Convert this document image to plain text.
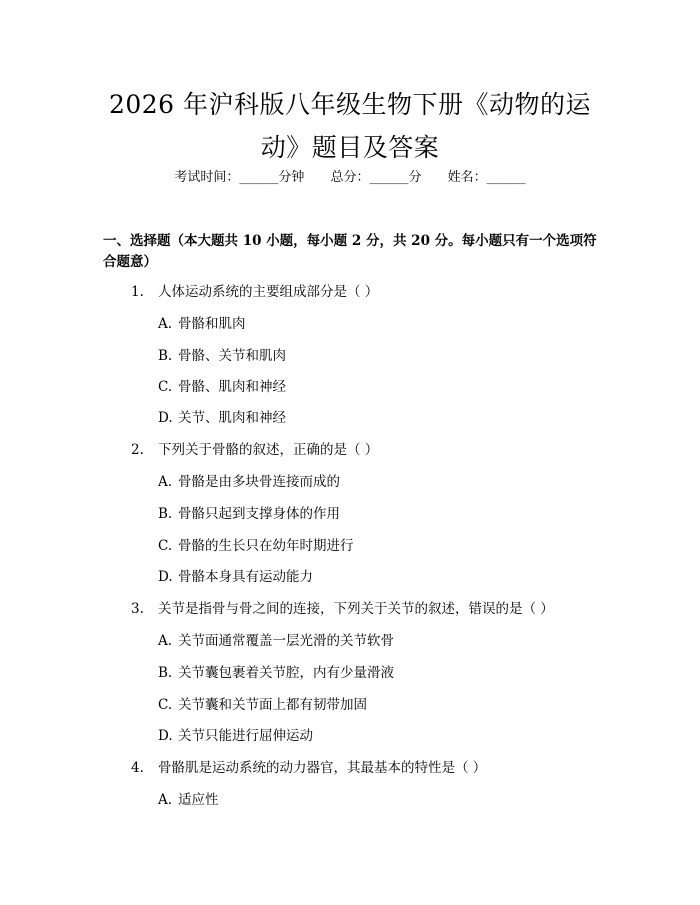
2026 年沪科版八年级生物下册《动物的运
动》题目及答案
考试时间：______分钟 总分：______分 姓名：______
一、选择题（本大题共 10 小题，每小题 2 分，共 20 分。每小题只有一个选项符合题意）
1. 人体运动系统的主要组成部分是（ ）
A. 骨骼和肌肉
B. 骨骼、关节和肌肉
C. 骨骼、肌肉和神经
D. 关节、肌肉和神经
2. 下列关于骨骼的叙述，正确的是（ ）
A. 骨骼是由多块骨连接而成的
B. 骨骼只起到支撑身体的作用
C. 骨骼的生长只在幼年时期进行
D. 骨骼本身具有运动能力
3. 关节是指骨与骨之间的连接，下列关于关节的叙述，错误的是（ ）
A. 关节面通常覆盖一层光滑的关节软骨
B. 关节囊包裹着关节腔，内有少量滑液
C. 关节囊和关节面上都有韧带加固
D. 关节只能进行屈伸运动
4. 骨骼肌是运动系统的动力器官，其最基本的特性是（ ）
A. 适应性
